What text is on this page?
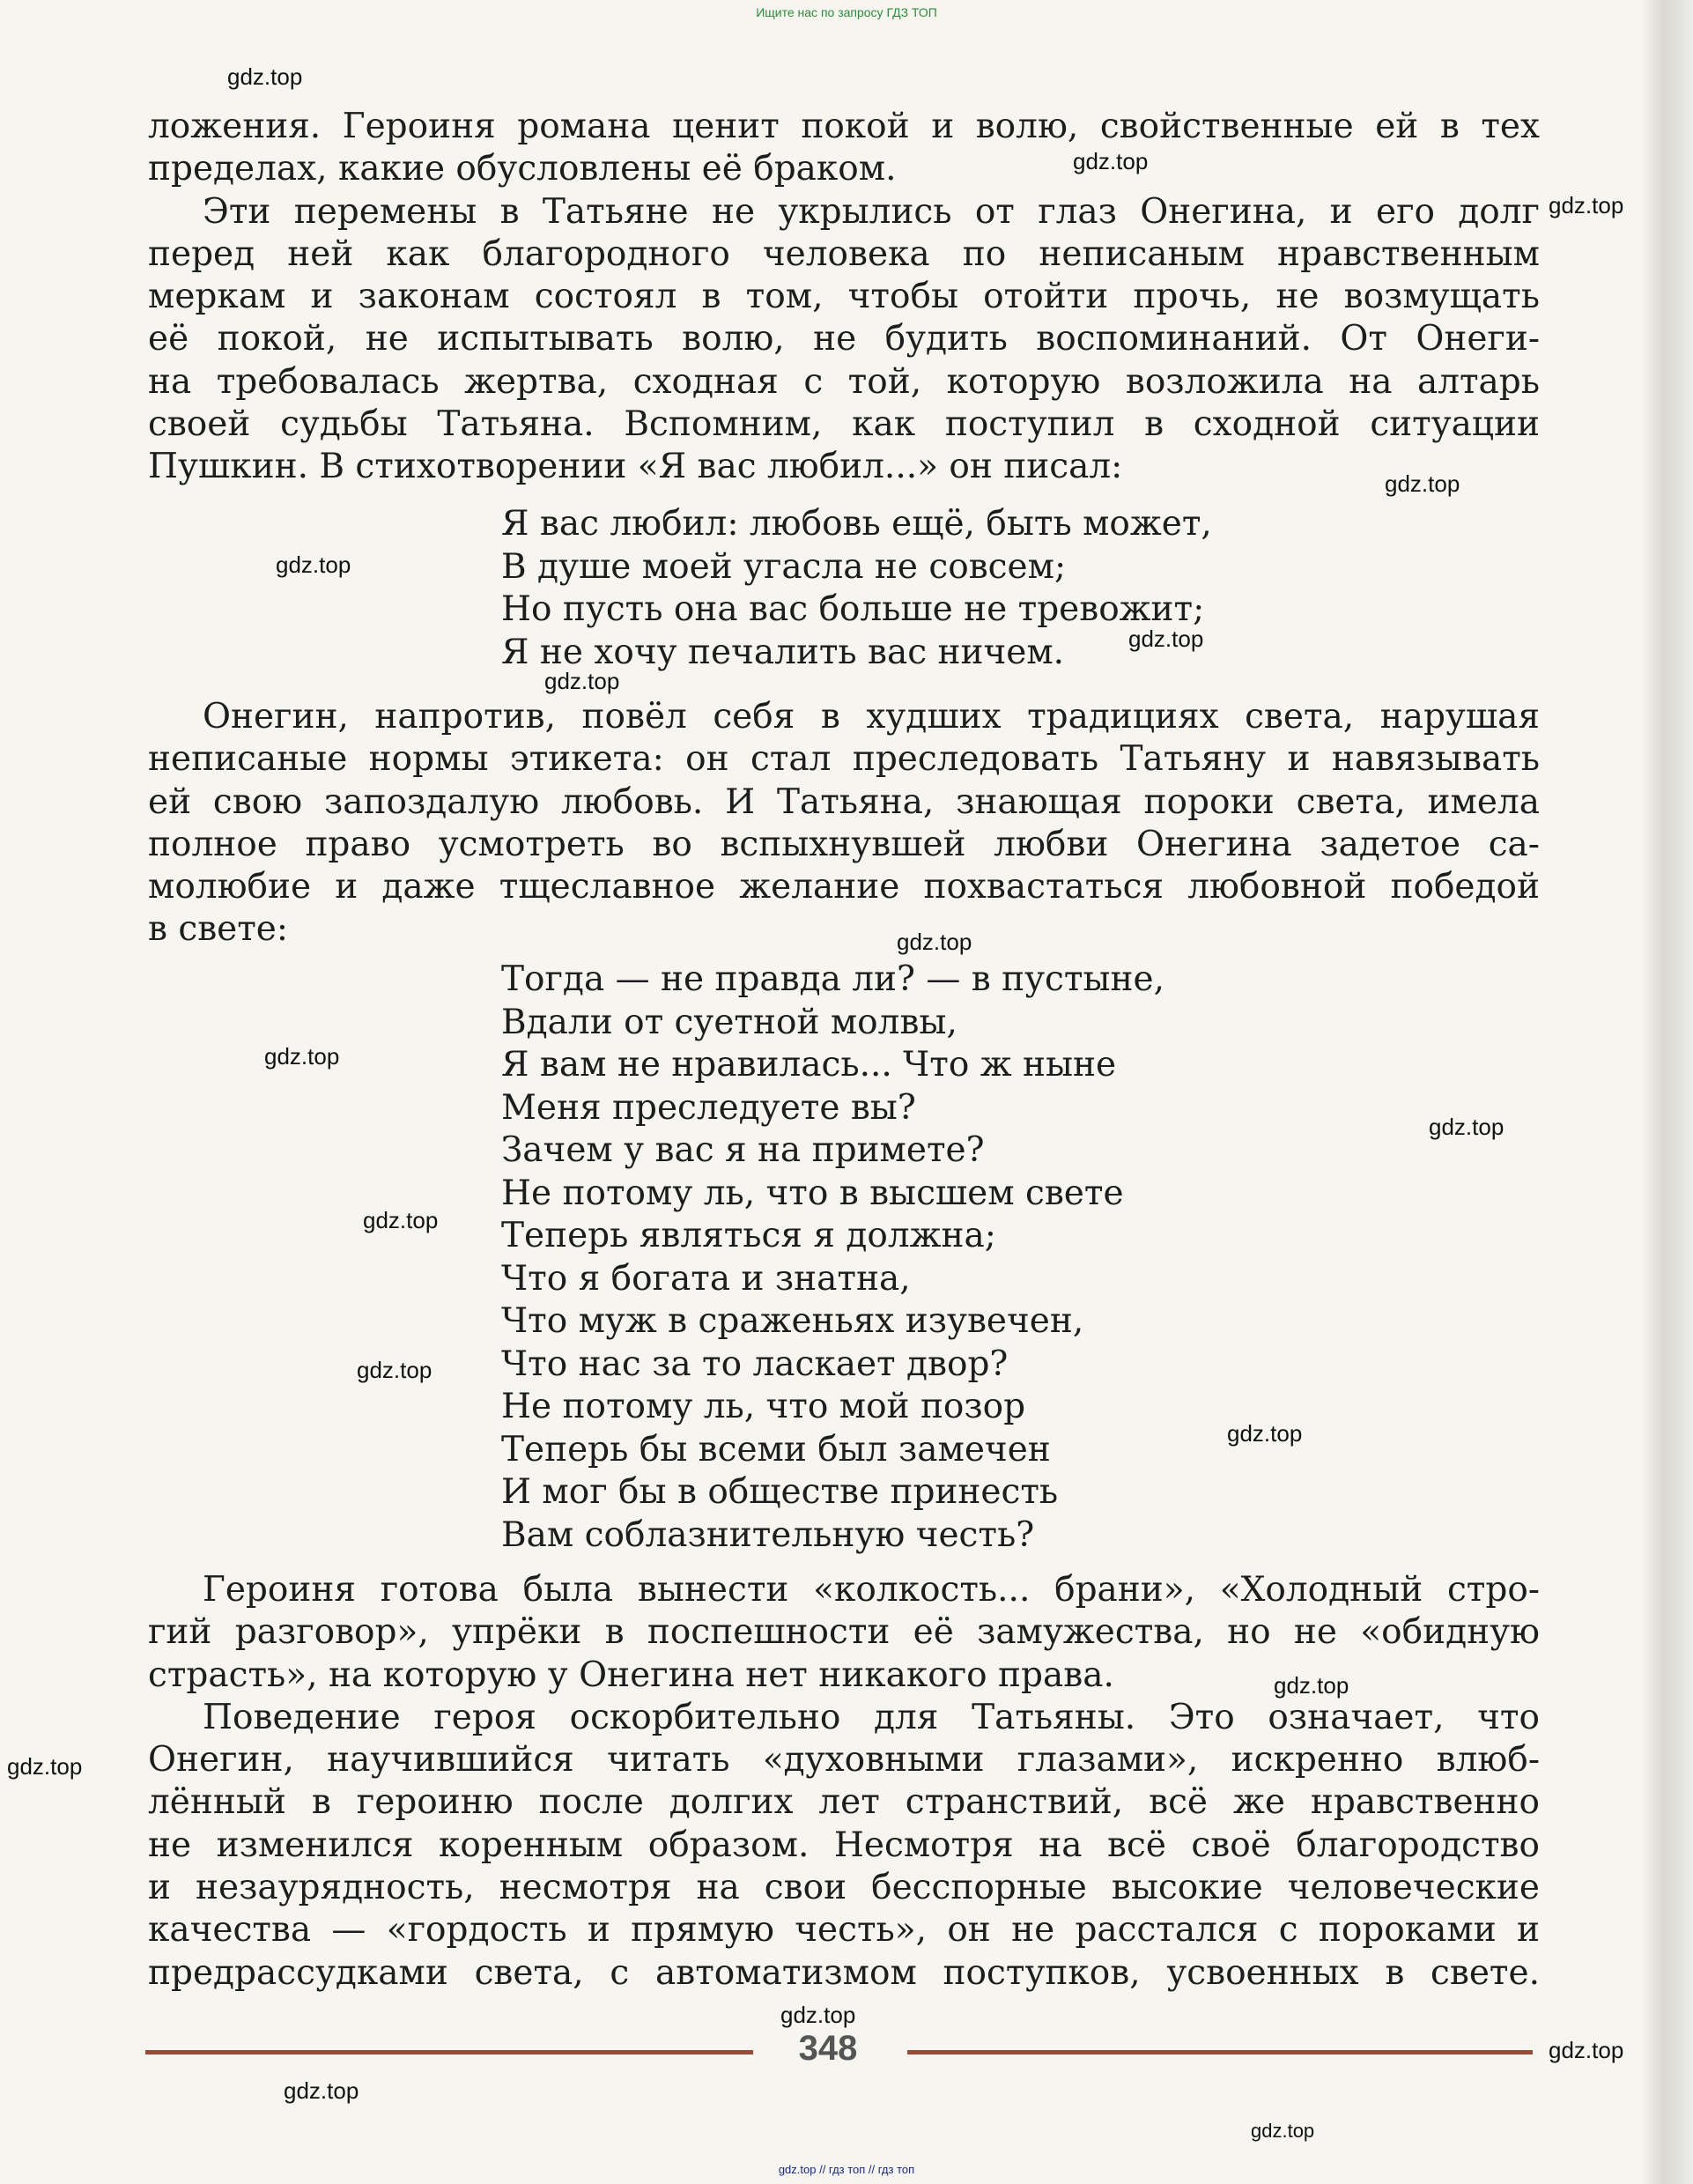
Ищите нас по запросу ГДЗ ТОП
ложения. Героиня романа ценит покой и волю, свойственные ей в тех
пределах, какие обусловлены её браком.
Эти перемены в Татьяне не укрылись от глаз Онегина, и его долг
перед ней как благородного человека по неписаным нравственным
меркам и законам состоял в том, чтобы отойти прочь, не возмущать
её покой, не испытывать волю, не будить воспоминаний. От Онеги-
на требовалась жертва, сходная с той, которую возложила на алтарь
своей судьбы Татьяна. Вспомним, как поступил в сходной ситуации
Пушкин. В стихотворении «Я вас любил...» он писал:
Я вас любил: любовь ещё, быть может,
В душе моей угасла не совсем;
Но пусть она вас больше не тревожит;
Я не хочу печалить вас ничем.
Онегин, напротив, повёл себя в худших традициях света, нарушая
неписаные нормы этикета: он стал преследовать Татьяну и навязывать
ей свою запоздалую любовь. И Татьяна, знающая пороки света, имела
полное право усмотреть во вспыхнувшей любви Онегина задетое са-
молюбие и даже тщеславное желание похвастаться любовной победой
в свете:
Тогда — не правда ли? — в пустыне,
Вдали от суетной молвы,
Я вам не нравилась... Что ж ныне
Меня преследуете вы?
Зачем у вас я на примете?
Не потому ль, что в высшем свете
Теперь являться я должна;
Что я богата и знатна,
Что муж в сраженьях изувечен,
Что нас за то ласкает двор?
Не потому ль, что мой позор
Теперь бы всеми был замечен
И мог бы в обществе принесть
Вам соблазнительную честь?
Героиня готова была вынести «колкость... брани», «Холодный стро-
гий разговор», упрёки в поспешности её замужества, но не «обидную
страсть», на которую у Онегина нет никакого права.
Поведение героя оскорбительно для Татьяны. Это означает, что
Онегин, научившийся читать «духовными глазами», искренно влюб-
лённый в героиню после долгих лет странствий, всё же нравственно
не изменился коренным образом. Несмотря на всё своё благородство
и незаурядность, несмотря на свои бесспорные высокие человеческие
качества — «гордость и прямую честь», он не расстался с пороками и
предрассудками света, с автоматизмом поступков, усвоенных в свете.
348
gdz.top
gdz.top
gdz.top
gdz.top
gdz.top
gdz.top
gdz.top
gdz.top
gdz.top
gdz.top
gdz.top
gdz.top
gdz.top
gdz.top
gdz.top
gdz.top
gdz.top
gdz.top
gdz.top
gdz.top // гдз топ // гдз топ
